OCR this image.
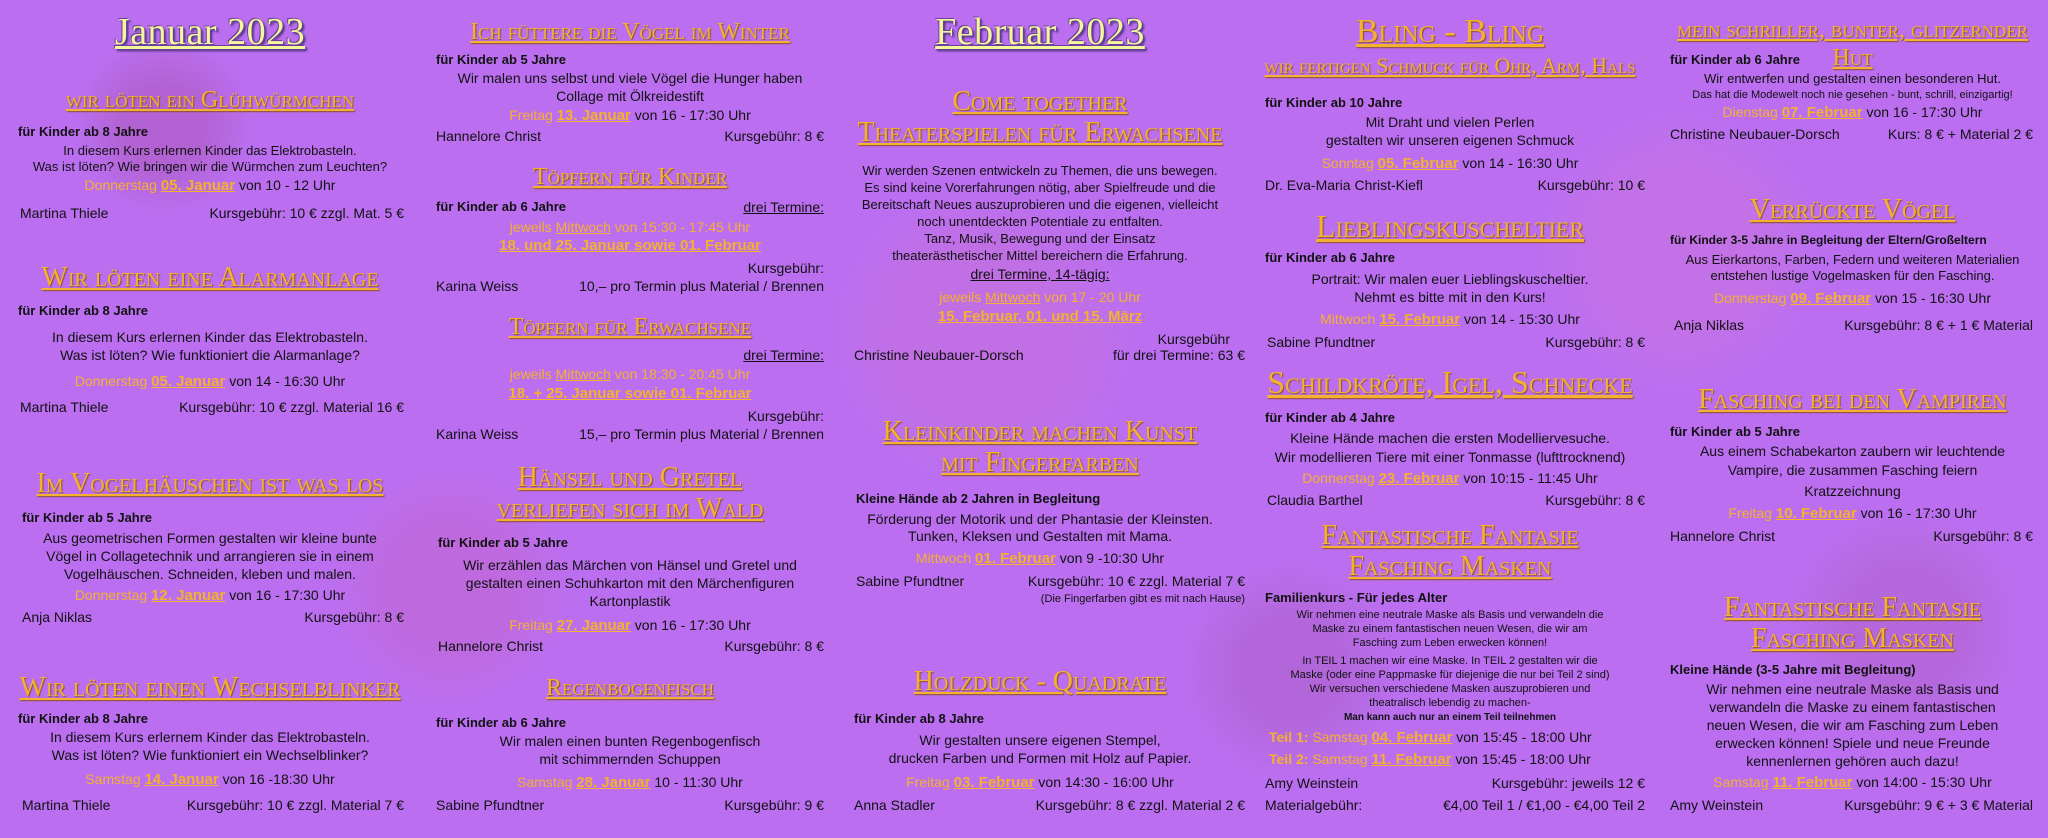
Januar 2023
wir löten ein Glühwürmchen
für Kinder ab 8 Jahre
In diesem Kurs erlernen Kinder das Elektrobasteln.
Was ist löten? Wie bringen wir die Würmchen zum Leuchten?
Donnerstag 05. Januar von 10 - 12 Uhr
Martina Thiele	Kursgebühr: 10 € zzgl. Mat. 5 €
Wir löten eine Alarmanlage
für Kinder ab 8 Jahre
In diesem Kurs erlernen Kinder das Elektrobasteln.
Was ist löten? Wie funktioniert die Alarmanlage?
Donnerstag 05. Januar von 14 - 16:30 Uhr
Martina Thiele	Kursgebühr: 10 € zzgl. Material 16 €
Im Vogelhäuschen ist was los
für Kinder ab 5 Jahre
Aus geometrischen Formen gestalten wir kleine bunte
Vögel in Collagetechnik und arrangieren sie in einem
Vogelhäuschen. Schneiden, kleben und malen.
Donnerstag 12. Januar von 16 - 17:30 Uhr
Anja Niklas	Kursgebühr: 8 €
Wir löten einen Wechselblinker
für Kinder ab 8 Jahre
In diesem Kurs erlernem Kinder das Elektrobasteln.
Was ist löten? Wie funktioniert ein Wechselblinker?
Samstag 14. Januar von 16 -18:30 Uhr
Martina Thiele	Kursgebühr: 10 € zzgl. Material 7 €
Ich füttere die Vögel im Winter
für Kinder ab 5 Jahre
Wir malen uns selbst und viele Vögel die Hunger haben
Collage mit Ölkreidestift
Freitag 13. Januar von 16 - 17:30 Uhr
Hannelore Christ	Kursgebühr: 8 €
Töpfern für Kinder
für Kinder ab 6 Jahre	drei Termine:
jeweils Mittwoch von 15:30 - 17:45 Uhr
18. und 25. Januar sowie 01. Februar
Kursgebühr:
Karina Weiss	10,– pro Termin plus Material / Brennen
Töpfern für Erwachsene
drei Termine:
jeweils Mittwoch von 18:30 - 20:45 Uhr
18. + 25. Januar sowie 01. Februar
Kursgebühr:
Karina Weiss	15,– pro Termin plus Material / Brennen
Hänsel und Gretel
verliefen sich im Wald
für Kinder ab 5 Jahre
Wir erzählen das Märchen von Hänsel und Gretel und
gestalten einen Schuhkarton mit den Märchenfiguren
Kartonplastik
Freitag 27. Januar von 16 - 17:30 Uhr
Hannelore Christ	Kursgebühr: 8 €
Regenbogenfisch
für Kinder ab 6 Jahre
Wir malen einen bunten Regenbogenfisch
mit schimmernden Schuppen
Samstag 28. Januar 10 - 11:30 Uhr
Sabine Pfundtner	Kursgebühr: 9 €
Februar 2023
Come together
Theaterspielen für Erwachsene
Wir werden Szenen entwickeln zu Themen, die uns bewegen.
Es sind keine Vorerfahrungen nötig, aber Spielfreude und die
Bereitschaft Neues auszuprobieren und die eigenen, vielleicht
noch unentdeckten Potentiale zu entfalten.
Tanz, Musik, Bewegung und der Einsatz
theaterästhetischer Mittel bereichern die Erfahrung.
drei Termine, 14-tägig:
jeweils Mittwoch von 17 - 20 Uhr
15. Februar, 01. und 15. März
Kursgebühr
Christine Neubauer-Dorsch	für drei Termine: 63 €
Kleinkinder machen Kunst
mit Fingerfarben
Kleine Hände ab 2 Jahren in Begleitung
Förderung der Motorik und der Phantasie der Kleinsten.
Tunken, Kleksen und Gestalten mit Mama.
Mittwoch 01. Februar von 9 -10:30 Uhr
Sabine Pfundtner	Kursgebühr: 10 € zzgl. Material 7 €
(Die Fingerfarben gibt es mit nach Hause)
Holzduck - Quadrate
für Kinder ab 8 Jahre
Wir gestalten unsere eigenen Stempel,
drucken Farben und Formen mit Holz auf Papier.
Freitag 03. Februar von 14:30 - 16:00 Uhr
Anna Stadler	Kursgebühr: 8 € zzgl. Material 2 €
Bling - Bling
wir fertigen Schmuck für Ohr, Arm, Hals
für Kinder ab 10 Jahre
Mit Draht und vielen Perlen
gestalten wir unseren eigenen Schmuck
Sonntag 05. Februar von 14 - 16:30 Uhr
Dr. Eva-Maria Christ-Kiefl	Kursgebühr: 10 €
Lieblingskuscheltier
für Kinder ab 6 Jahre
Portrait: Wir malen euer Lieblingskuscheltier.
Nehmt es bitte mit in den Kurs!
Mittwoch 15. Februar von 14 - 15:30 Uhr
Sabine Pfundtner	Kursgebühr: 8 €
Schildkröte, Igel, Schnecke
für Kinder ab 4 Jahre
Kleine Hände machen die ersten Modelliervesuche.
Wir modellieren Tiere mit einer Tonmasse (lufttrocknend)
Donnerstag 23. Februar von 10:15 - 11:45 Uhr
Claudia Barthel	Kursgebühr: 8 €
Fantastische Fantasie
Fasching Masken
Familienkurs - Für jedes Alter
Wir nehmen eine neutrale Maske als Basis und verwandeln die
Maske zu einem fantastischen neuen Wesen, die wir am
Fasching zum Leben erwecken können!
In TEIL 1 machen wir eine Maske. In TEIL 2 gestalten wir die
Maske (oder eine Pappmaske für diejenige die nur bei Teil 2 sind)
Wir versuchen verschiedene Masken auszuprobieren und
theatralisch lebendig zu machen-
Man kann auch nur an einem Teil teilnehmen
Teil 1: Samstag 04. Februar von 15:45 - 18:00 Uhr
Teil 2: Samstag 11. Februar von 15:45 - 18:00 Uhr
Amy Weinstein	Kursgebühr: jeweils 12 €
Materialgebühr:	€4,00 Teil 1 / €1,00 - €4,00 Teil 2
mein schriller, bunter, glitzernder Hut
für Kinder ab 6 Jahre
Wir entwerfen und gestalten einen besonderen Hut.
Das hat die Modewelt noch nie gesehen - bunt, schrill, einzigartig!
Dienstag 07. Februar von 16 - 17:30 Uhr
Christine Neubauer-Dorsch	Kurs: 8 € + Material 2 €
Verrückte Vögel
für Kinder 3-5 Jahre in Begleitung der Eltern/Großeltern
Aus Eierkartons, Farben, Federn und weiteren Materialien
entstehen lustige Vogelmasken für den Fasching.
Donnerstag 09. Februar von 15 - 16:30 Uhr
Anja Niklas	Kursgebühr: 8 € + 1 € Material
Fasching bei den Vampiren
für Kinder ab 5 Jahre
Aus einem Schabekarton zaubern wir leuchtende
Vampire, die zusammen Fasching feiern
Kratzzeichnung
Freitag 10. Februar von 16 - 17:30 Uhr
Hannelore Christ	Kursgebühr: 8 €
Fantastische Fantasie
Fasching Masken
Kleine Hände (3-5 Jahre mit Begleitung)
Wir nehmen eine neutrale Maske als Basis und
verwandeln die Maske zu einem fantastischen
neuen Wesen, die wir am Fasching zum Leben
erwecken können! Spiele und neue Freunde
kennenlernen gehören auch dazu!
Samstag 11. Februar von 14:00 - 15:30 Uhr
Amy Weinstein	Kursgebühr: 9 € + 3 € Material
